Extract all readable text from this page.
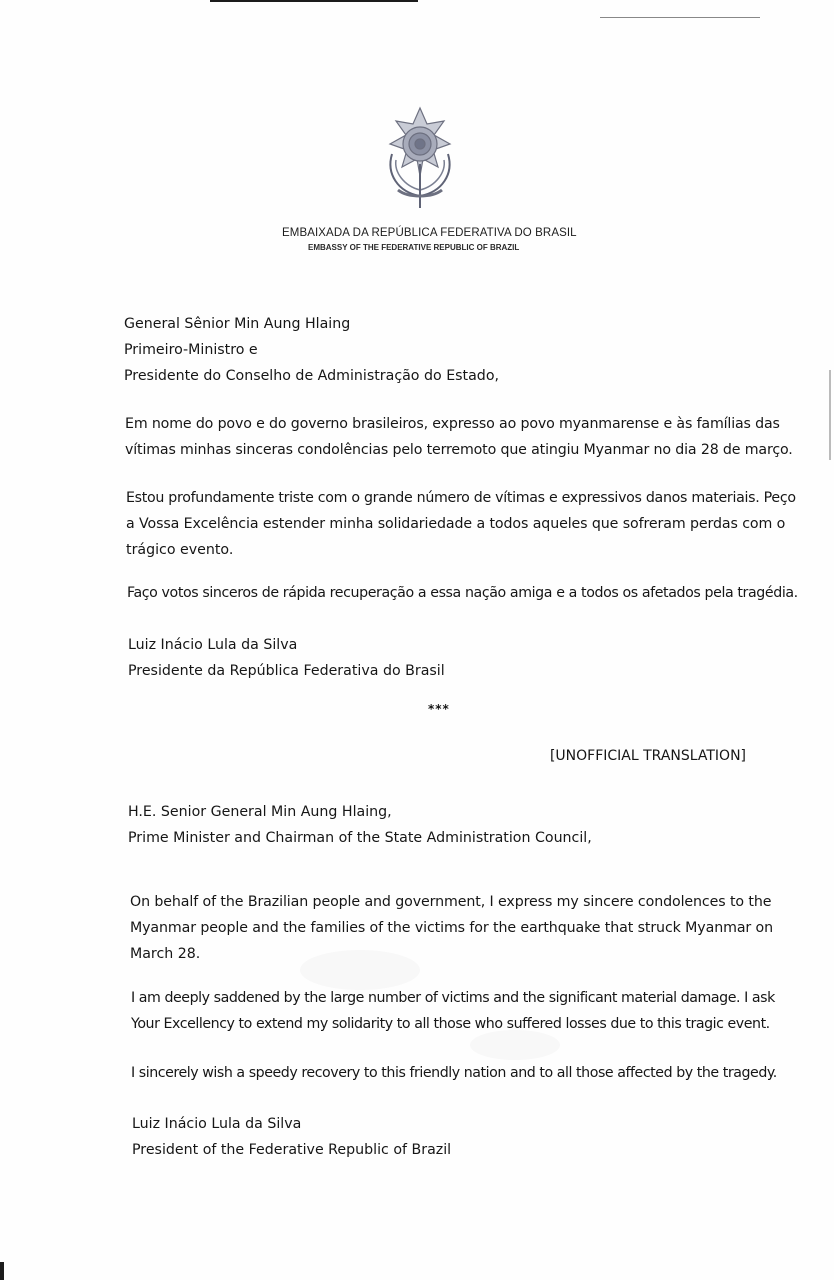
EMBAIXADA DA REPÚBLICA FEDERATIVA DO BRASIL
EMBASSY OF THE FEDERATIVE REPUBLIC OF BRAZIL
General Sênior Min Aung Hlaing
Primeiro-Ministro e
Presidente do Conselho de Administração do Estado,
Em nome do povo e do governo brasileiros, expresso ao povo myanmarense e às famílias das
vítimas minhas sinceras condolências pelo terremoto que atingiu Myanmar no dia 28 de março.
Estou profundamente triste com o grande número de vítimas e expressivos danos materiais. Peço
a Vossa Excelência estender minha solidariedade a todos aqueles que sofreram perdas com o
trágico evento.
Faço votos sinceros de rápida recuperação a essa nação amiga e a todos os afetados pela tragédia.
Luiz Inácio Lula da Silva
Presidente da República Federativa do Brasil
***
[UNOFFICIAL TRANSLATION]
H.E. Senior General Min Aung Hlaing,
Prime Minister and Chairman of the State Administration Council,
On behalf of the Brazilian people and government, I express my sincere condolences to the
Myanmar people and the families of the victims for the earthquake that struck Myanmar on
March 28.
I am deeply saddened by the large number of victims and the significant material damage. I ask
Your Excellency to extend my solidarity to all those who suffered losses due to this tragic event.
I sincerely wish a speedy recovery to this friendly nation and to all those affected by the tragedy.
Luiz Inácio Lula da Silva
President of the Federative Republic of Brazil
